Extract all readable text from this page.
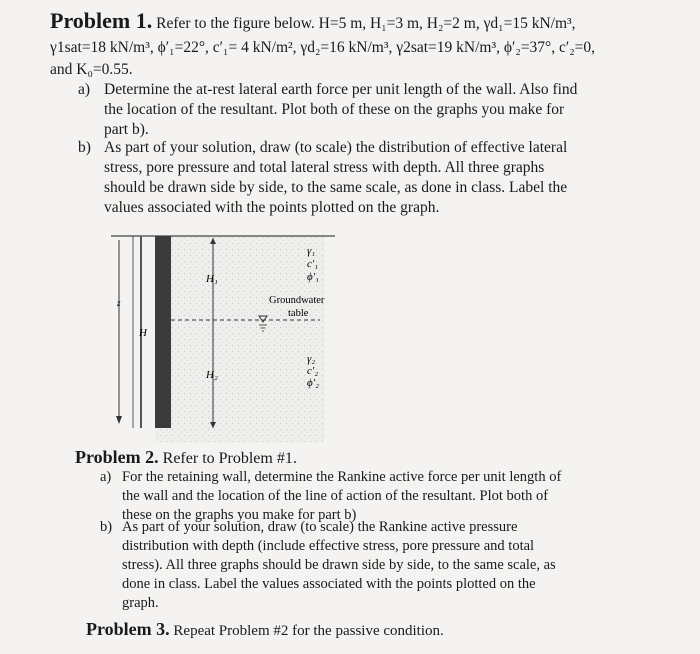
Problem 1. Refer to the figure below. H=5 m, H₁=3 m, H₂=2 m, γd₁=15 kN/m³,
γ1sat=18 kN/m³, ϕ′₁=22°, c′₁= 4 kN/m², γd₂=16 kN/m³, γ2sat=19 kN/m³, ϕ′₂=37°, c′₂=0,
and K₀=0.55.
a) Determine the at-rest lateral earth force per unit length of the wall. Also find
the location of the resultant. Plot both of these on the graphs you make for
part b).
b) As part of your solution, draw (to scale) the distribution of effective lateral
stress, pore pressure and total lateral stress with depth. All three graphs
should be drawn side by side, to the same scale, as done in class. Label the
values associated with the points plotted on the graph.
z
H
H₁
H₂
γ₁
c′₁
ϕ′₁
Groundwater
table
γ₂
c′₂
ϕ′₂
Problem 2. Refer to Problem #1.
a) For the retaining wall, determine the Rankine active force per unit length of
the wall and the location of the line of action of the resultant. Plot both of
these on the graphs you make for part b)
b) As part of your solution, draw (to scale) the Rankine active pressure
distribution with depth (include effective stress, pore pressure and total
stress). All three graphs should be drawn side by side, to the same scale, as
done in class. Label the values associated with the points plotted on the
graph.
Problem 3. Repeat Problem #2 for the passive condition.
